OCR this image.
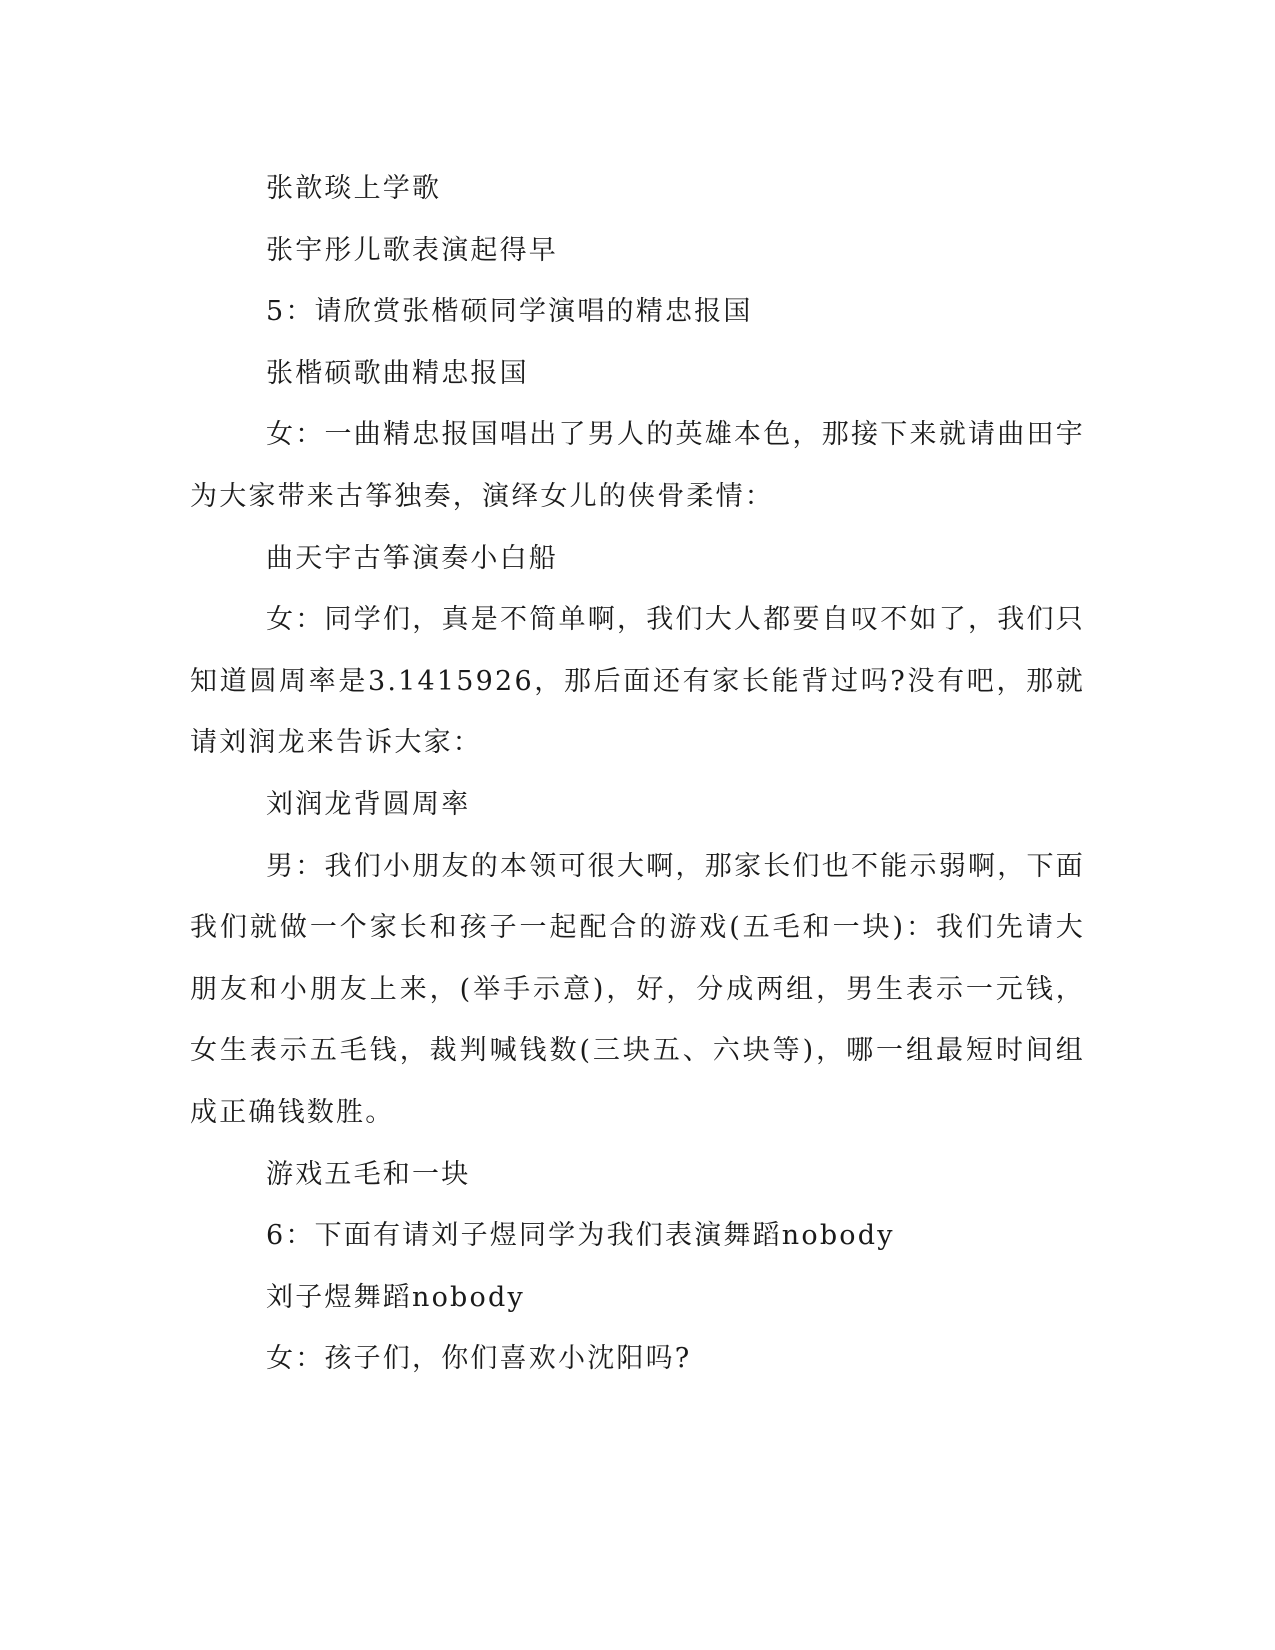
张歆琰上学歌

张宇彤儿歌表演起得早

5：请欣赏张楷硕同学演唱的精忠报国

张楷硕歌曲精忠报国

女：一曲精忠报国唱出了男人的英雄本色，那接下来就请曲田宇为大家带来古筝独奏，演绎女儿的侠骨柔情：

曲天宇古筝演奏小白船

女：同学们，真是不简单啊，我们大人都要自叹不如了，我们只知道圆周率是3.1415926，那后面还有家长能背过吗?没有吧，那就请刘润龙来告诉大家：

刘润龙背圆周率

男：我们小朋友的本领可很大啊，那家长们也不能示弱啊，下面我们就做一个家长和孩子一起配合的游戏(五毛和一块)：我们先请大朋友和小朋友上来，(举手示意)，好，分成两组，男生表示一元钱，女生表示五毛钱，裁判喊钱数(三块五、六块等)，哪一组最短时间组成正确钱数胜。

游戏五毛和一块

6：下面有请刘子煜同学为我们表演舞蹈nobody

刘子煜舞蹈nobody

女：孩子们，你们喜欢小沈阳吗?
